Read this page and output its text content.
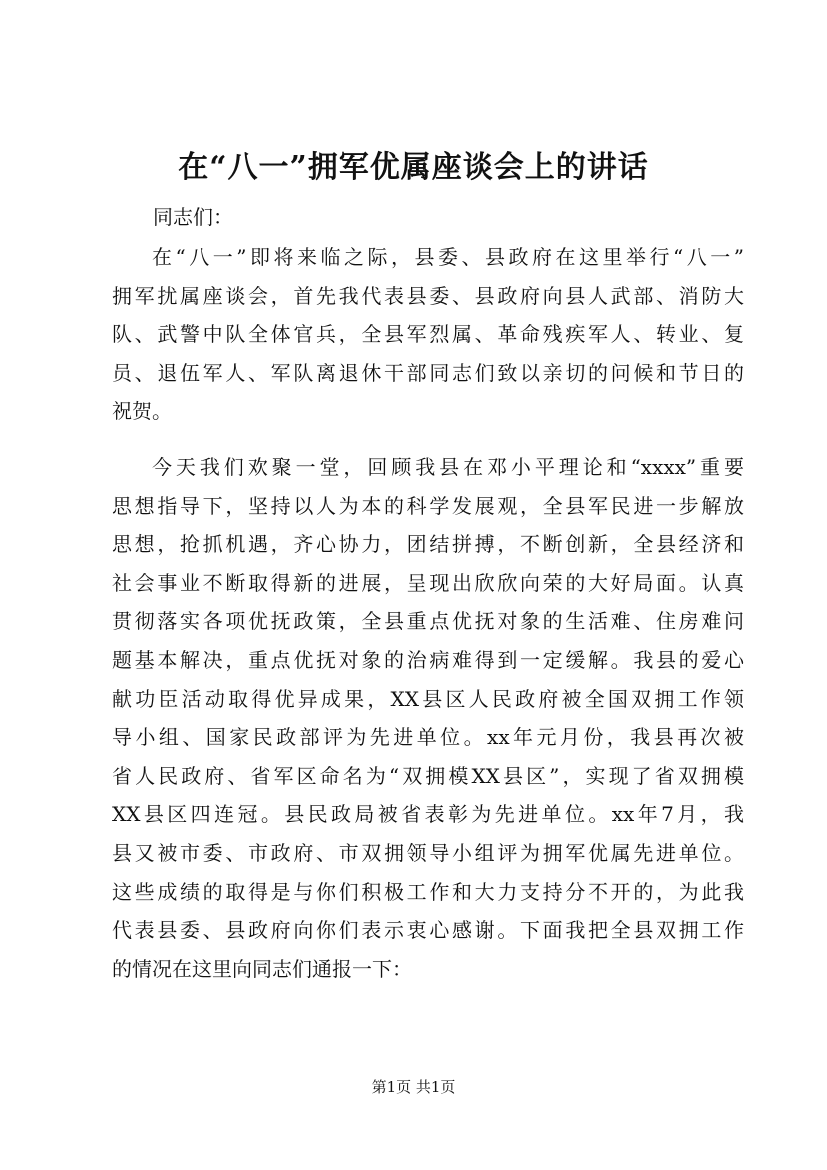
在“八一”拥军优属座谈会上的讲话
同志们：
在“八一”即将来临之际，县委、县政府在这里举行“八一”
拥军扰属座谈会，首先我代表县委、县政府向县人武部、消防大
队、武警中队全体官兵，全县军烈属、革命残疾军人、转业、复
员、退伍军人、军队离退休干部同志们致以亲切的问候和节日的
祝贺。
今天我们欢聚一堂，回顾我县在邓小平理论和“xxxx”重要
思想指导下，坚持以人为本的科学发展观，全县军民进一步解放
思想，抢抓机遇，齐心协力，团结拼搏，不断创新，全县经济和
社会事业不断取得新的进展，呈现出欣欣向荣的大好局面。认真
贯彻落实各项优抚政策，全县重点优抚对象的生活难、住房难问
题基本解决，重点优抚对象的治病难得到一定缓解。我县的爱心
献功臣活动取得优异成果，XX县区人民政府被全国双拥工作领
导小组、国家民政部评为先进单位。xx年元月份，我县再次被
省人民政府、省军区命名为“双拥模XX县区”，实现了省双拥模
XX县区四连冠。县民政局被省表彰为先进单位。xx年7月，我
县又被市委、市政府、市双拥领导小组评为拥军优属先进单位。
这些成绩的取得是与你们积极工作和大力支持分不开的，为此我
代表县委、县政府向你们表示衷心感谢。下面我把全县双拥工作
的情况在这里向同志们通报一下：
第1页 共1页
